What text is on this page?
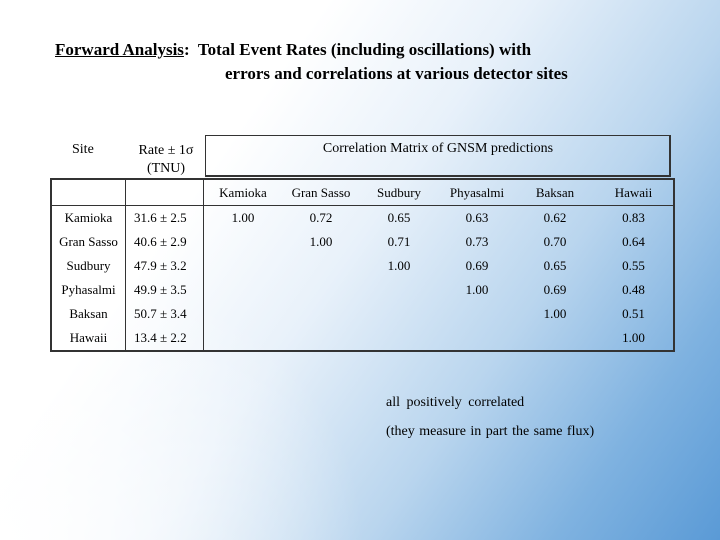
Forward Analysis: Total Event Rates (including oscillations) with
errors and correlations at various detector sites
Site	Rate ± 1σ
(TNU)
Correlation Matrix of GNSM predictions
		Kamioka	Gran Sasso	Sudbury	Phyasalmi	Baksan	Hawaii
Kamioka	31.6 ± 2.5	1.00	0.72	0.65	0.63	0.62	0.83
Gran Sasso	40.6 ± 2.9		1.00	0.71	0.73	0.70	0.64
Sudbury	47.9 ± 3.2			1.00	0.69	0.65	0.55
Pyhasalmi	49.9 ± 3.5				1.00	0.69	0.48
Baksan	50.7 ± 3.4					1.00	0.51
Hawaii	13.4 ± 2.2						1.00
all positively correlated
(they measure in part the same flux)
